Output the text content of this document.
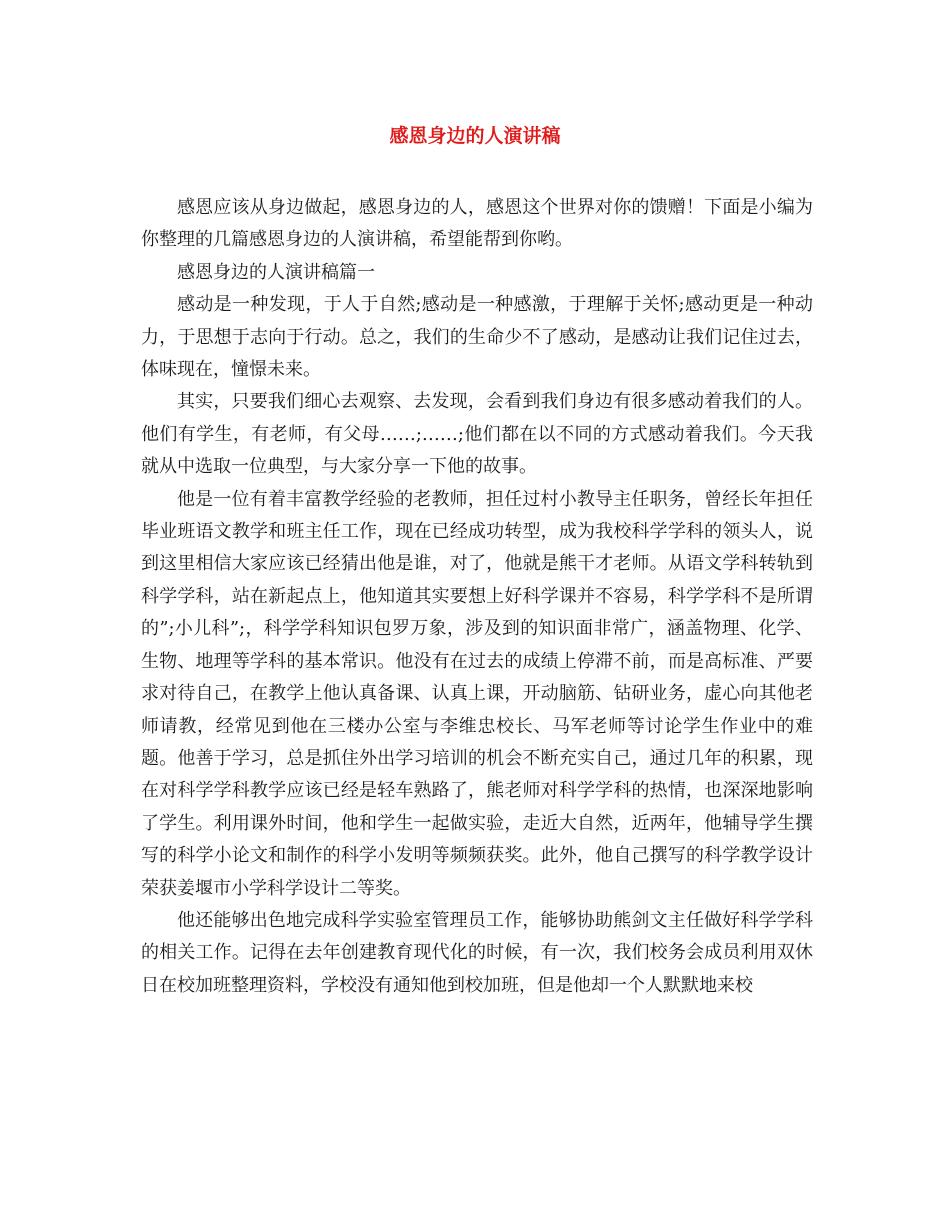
感恩身边的人演讲稿

感恩应该从身边做起，感恩身边的人，感恩这个世界对你的馈赠！下面是小编为你整理的几篇感恩身边的人演讲稿，希望能帮到你哟。

感恩身边的人演讲稿篇一

感动是一种发现，于人于自然;感动是一种感激，于理解于关怀;感动更是一种动力，于思想于志向于行动。总之，我们的生命少不了感动，是感动让我们记住过去，体味现在，憧憬未来。

其实，只要我们细心去观察、去发现，会看到我们身边有很多感动着我们的人。他们有学生，有老师，有父母……;……;他们都在以不同的方式感动着我们。今天我就从中选取一位典型，与大家分享一下他的故事。

他是一位有着丰富教学经验的老教师，担任过村小教导主任职务，曾经长年担任毕业班语文教学和班主任工作，现在已经成功转型，成为我校科学学科的领头人，说到这里相信大家应该已经猜出他是谁，对了，他就是熊干才老师。从语文学科转轨到科学学科，站在新起点上，他知道其实要想上好科学课并不容易，科学学科不是所谓的”;小儿科”;，科学学科知识包罗万象，涉及到的知识面非常广，涵盖物理、化学、生物、地理等学科的基本常识。他没有在过去的成绩上停滞不前，而是高标准、严要求对待自己，在教学上他认真备课、认真上课，开动脑筋、钻研业务，虚心向其他老师请教，经常见到他在三楼办公室与李维忠校长、马军老师等讨论学生作业中的难题。他善于学习，总是抓住外出学习培训的机会不断充实自己，通过几年的积累，现在对科学学科教学应该已经是轻车熟路了，熊老师对科学学科的热情，也深深地影响了学生。利用课外时间，他和学生一起做实验，走近大自然，近两年，他辅导学生撰写的科学小论文和制作的科学小发明等频频获奖。此外，他自己撰写的科学教学设计荣获姜堰市小学科学设计二等奖。

他还能够出色地完成科学实验室管理员工作，能够协助熊剑文主任做好科学学科的相关工作。记得在去年创建教育现代化的时候，有一次，我们校务会成员利用双休日在校加班整理资料，学校没有通知他到校加班，但是他却一个人默默地来校
